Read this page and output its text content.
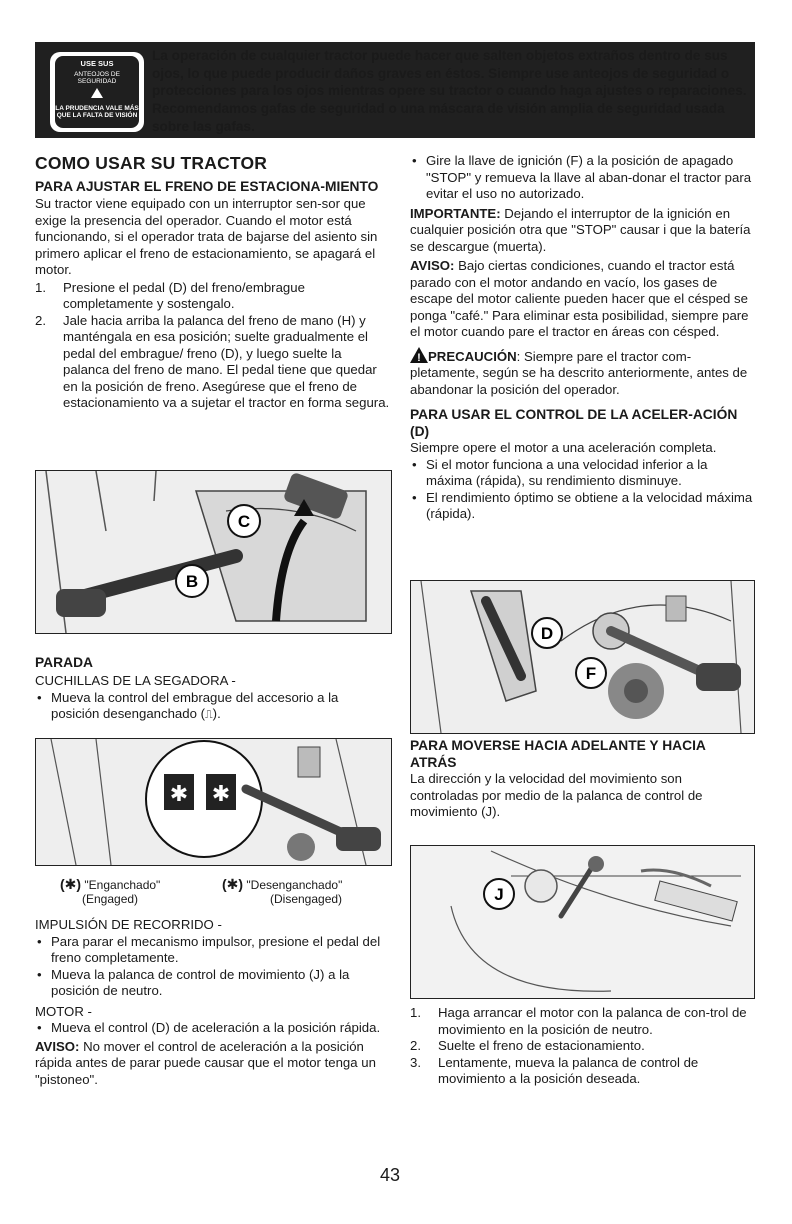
USE SUS
ANTEOJOS DE SEGURIDAD
LA PRUDENCIA VALE MÁS QUE LA FALTA DE VISIÓN
La operación de cualquier tractor puede hacer que salten objetos extraños dentro de sus ojos, lo que puede producir daños graves en éstos. Siempre use anteojos de seguridad o protecciones para los ojos mientras opere su tractor o cuando haga ajustes o reparaciones. Recomendamos gafas de seguridad o una máscara de visión amplia de seguridad usada sobre las gafas.
COMO USAR SU TRACTOR
PARA AJUSTAR EL FRENO DE ESTACIONA-MIENTO
Su tractor viene equipado con un interruptor sen-sor que exige la presencia del operador. Cuando el motor está funcionando, si el operador trata de bajarse del asiento sin primero aplicar el freno de estacionamiento, se apagará el motor.
1. Presione el pedal (D) del freno/embrague completamente y sostengalo.
2. Jale hacia arriba la palanca del freno de mano (H) y manténgala en esa posición; suelte gradualmente el pedal del embrague/ freno (D), y luego suelte la palanca del freno de mano. El pedal tiene que quedar en la posición de freno. Asegúrese que el freno de estacionamiento va a sujetar el tractor en forma segura.
C
B
PARADA
CUCHILLAS DE LA SEGADORA -
• Mueva la control del embrague del accesorio a la posición desenganchado (⎍).
✱ ✱
(✱) "Enganchado"
(Engaged)
(✱) "Desenganchado"
(Disengaged)
IMPULSIÓN DE RECORRIDO -
• Para parar el mecanismo impulsor, presione el pedal del freno completamente.
• Mueva la palanca de control de movimiento (J) a la posición de neutro.
MOTOR -
• Mueva el control (D) de aceleración a la posición rápida.
AVISO: No mover el control de aceleración a la posición rápida antes de parar puede causar que el motor tenga un "pistoneo".
• Gire la llave de ignición (F) a la posición de apagado "STOP" y remueva la llave al aban-donar el tractor para evitar el uso no autorizado.
IMPORTANTE: Dejando el interruptor de la ignición en cualquier posición otra que "STOP" causar i que la batería se descargue (muerta).
AVISO: Bajo ciertas condiciones, cuando el tractor está parado con el motor andando en vacío, los gases de escape del motor caliente pueden hacer que el césped se ponga "café." Para eliminar esta posibilidad, siempre pare el motor cuando pare el tractor en áreas con césped.
! PRECAUCIÓN: Siempre pare el tractor com-pletamente, según se ha descrito anteriormente, antes de abandonar la posición del operador.
PARA USAR EL CONTROL DE LA ACELER-ACIÓN (D)
Siempre opere el motor a una aceleración completa.
• Si el motor funciona a una velocidad inferior a la máxima (rápida), su rendimiento disminuye.
• El rendimiento óptimo se obtiene a la velocidad máxima (rápida).
D
F
PARA MOVERSE HACIA ADELANTE Y HACIA ATRÁS
La dirección y la velocidad del movimiento son controladas por medio de la palanca de control de movimiento (J).
J
1. Haga arrancar el motor con la palanca de con-trol de movimiento en la posición de neutro.
2. Suelte el freno de estacionamiento.
3. Lentamente, mueva la palanca de control de movimiento a la posición deseada.
43
